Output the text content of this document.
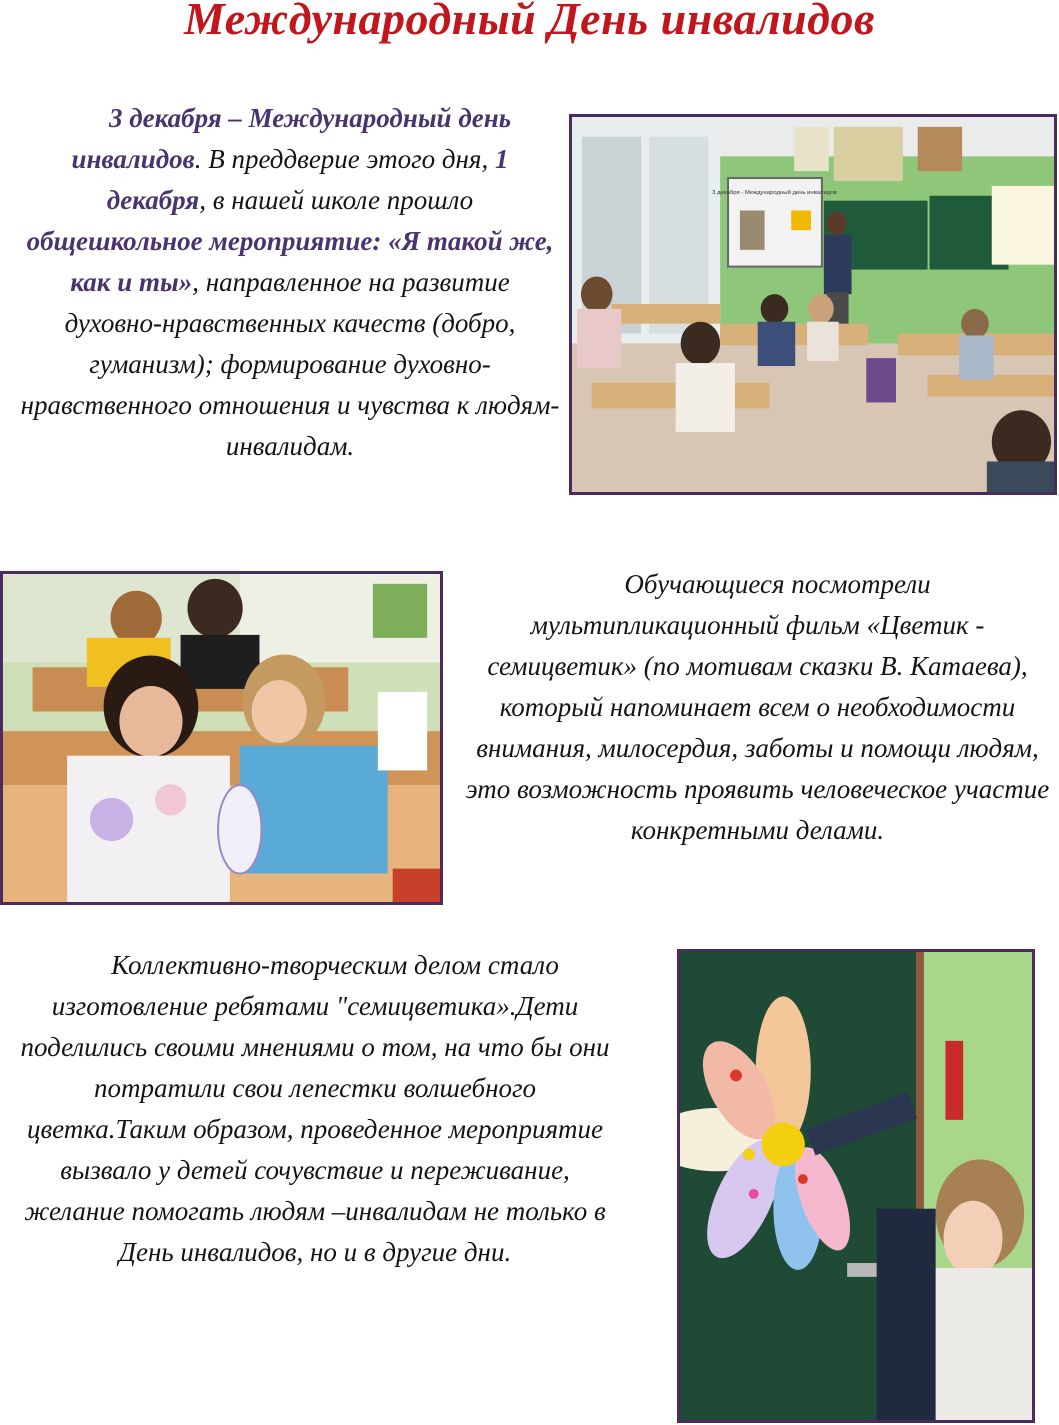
Международный День инвалидов
3 декабря – Международный день инвалидов. В преддверие этого дня, 1 декабря, в нашей школе прошло общешкольное мероприятие: «Я такой же, как и ты», направленное на развитие духовно-нравственных качеств (добро, гуманизм); формирование духовно-нравственного отношения и чувства к людям-инвалидам.
3 декабря - Международный день инвалидов
Обучающиеся посмотрели мультипликационный фильм «Цветик - семицветик» (по мотивам сказки В. Катаева), который напоминает всем о необходимости внимания, милосердия, заботы и помощи людям, это возможность проявить человеческое участие конкретными делами.
Коллективно-творческим делом стало изготовление ребятами "семицветика».Дети поделились своими мнениями о том, на что бы они потратили свои лепестки волшебного цветка.Таким образом, проведенное мероприятие вызвало у детей сочувствие и переживание, желание помогать людям –инвалидам не только в День инвалидов, но и в другие дни.
